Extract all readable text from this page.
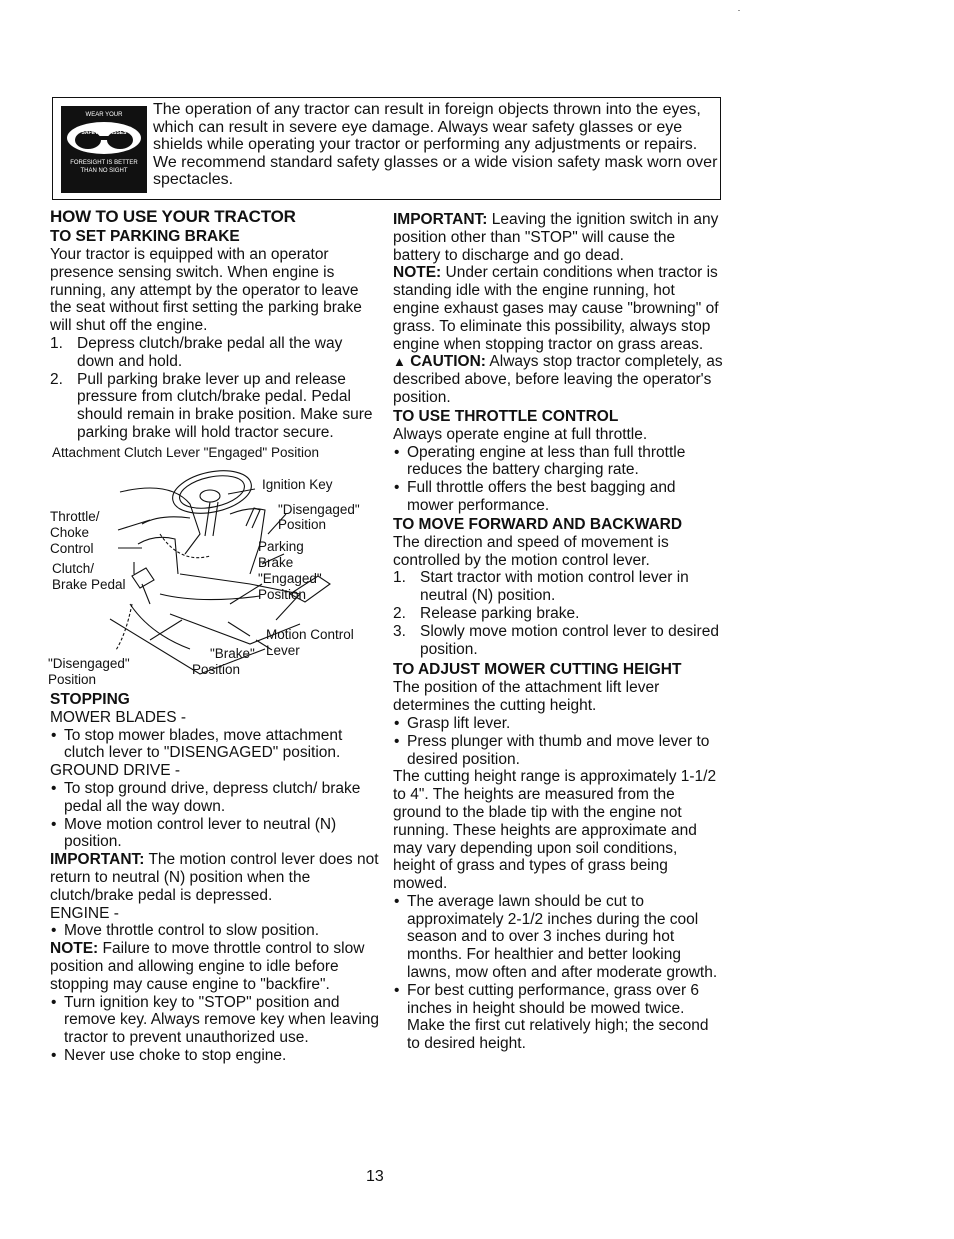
WEAR YOUR
SAFETY GLASSES
FORESIGHT IS BETTER
THAN NO SIGHT
The operation of any tractor can result in foreign objects thrown into the eyes, which can result in severe eye damage. Always wear safety glasses or eye shields while operating your tractor or performing any adjustments or repairs. We recommend standard safety glasses or a wide vision safety mask worn over spectacles.
HOW TO USE YOUR TRACTOR
TO SET PARKING BRAKE

Your tractor is equipped with an operator presence sensing switch. When engine is running, any attempt by the operator to leave the seat without first setting the parking brake will shut off the engine.

1. Depress clutch/brake pedal all the way down and hold.
2. Pull parking brake lever up and release pressure from clutch/brake pedal. Pedal should remain in brake position. Make sure parking brake will hold tractor secure.
Attachment Clutch Lever "Engaged" Position
Ignition Key
"Disengaged"
Position
Throttle/
Choke
Control	Parking
Brake
"Engaged"
Position
Clutch/
Brake Pedal
Motion Control
Lever
"Brake"
Position
"Disengaged"
Position
STOPPING

MOWER BLADES -

• To stop mower blades, move attachment clutch lever to "DISENGAGED" position.

GROUND DRIVE -

• To stop ground drive, depress clutch/ brake pedal all the way down.
• Move motion control lever to neutral (N) position.

IMPORTANT: The motion control lever does not return to neutral (N) position when the clutch/brake pedal is depressed.

ENGINE -

• Move throttle control to slow position.

NOTE: Failure to move throttle control to slow position and allowing engine to idle before stopping may cause engine to "backfire".

• Turn ignition key to "STOP" position and remove key. Always remove key when leaving tractor to prevent unauthorized use.
• Never use choke to stop engine.

IMPORTANT: Leaving the ignition switch in any position other than "STOP" will cause the battery to discharge and go dead.

NOTE: Under certain conditions when tractor is standing idle with the engine running, hot engine exhaust gases may cause "browning" of grass. To eliminate this possibility, always stop engine when stopping tractor on grass areas.

▲ CAUTION: Always stop tractor completely, as described above, before leaving the operator's position.

TO USE THROTTLE CONTROL

Always operate engine at full throttle.

• Operating engine at less than full throttle reduces the battery charging rate.
• Full throttle offers the best bagging and mower performance.
TO MOVE FORWARD AND BACKWARD

The direction and speed of movement is controlled by the motion control lever.

1. Start tractor with motion control lever in neutral (N) position.
2. Release parking brake.
3. Slowly move motion control lever to desired position.
TO ADJUST MOWER CUTTING HEIGHT

The position of the attachment lift lever determines the cutting height.

• Grasp lift lever.
• Press plunger with thumb and move lever to desired position.

The cutting height range is approximately 1-1/2 to 4". The heights are measured from the ground to the blade tip with the engine not running. These heights are approximate and may vary depending upon soil conditions, height of grass and types of grass being mowed.

• The average lawn should be cut to approximately 2-1/2 inches during the cool season and to over 3 inches during hot months. For healthier and better looking lawns, mow often and after moderate growth.
• For best cutting performance, grass over 6 inches in height should be mowed twice. Make the first cut relatively high; the second to desired height.
13
